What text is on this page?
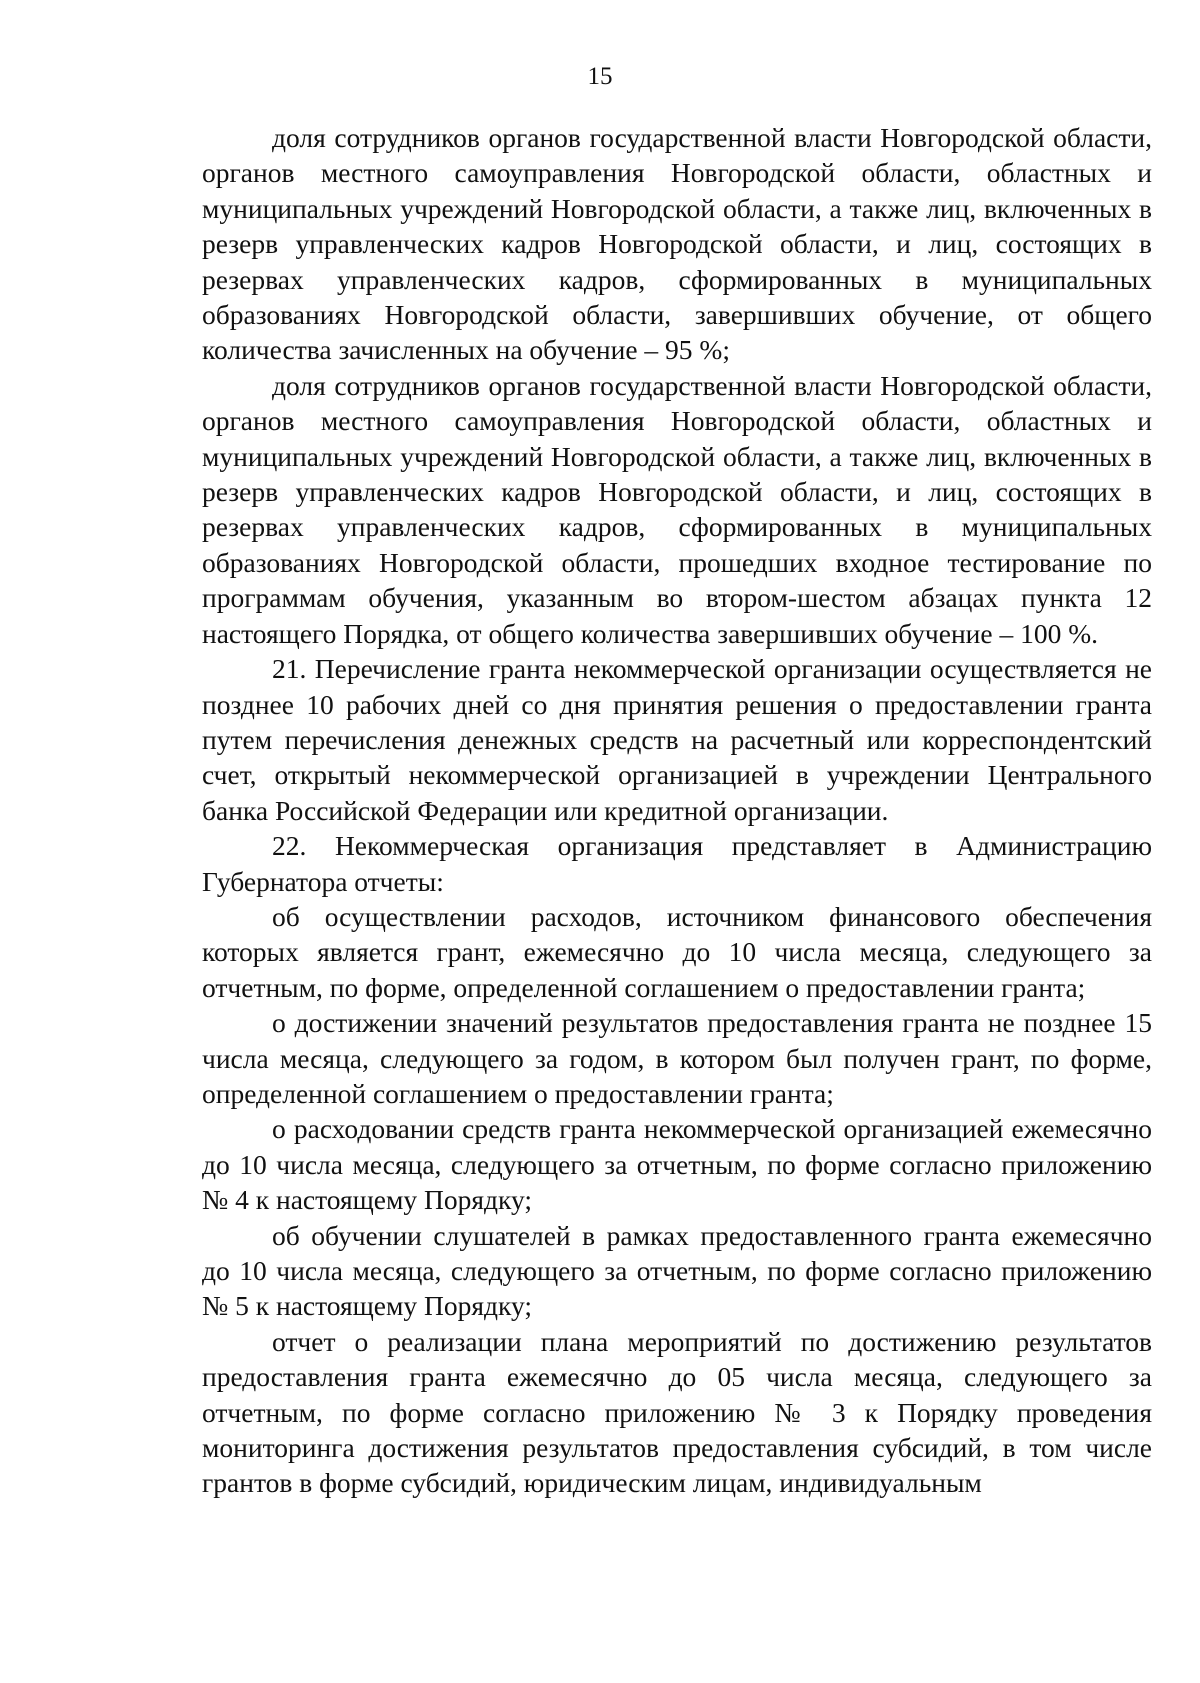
15

доля сотрудников органов государственной власти Новгородской области, органов местного самоуправления Новгородской области, областных и муниципальных учреждений Новгородской области, а также лиц, включенных в резерв управленческих кадров Новгородской области, и лиц, состоящих в резервах управленческих кадров, сформированных в муниципальных образованиях Новгородской области, завершивших обучение, от общего количества зачисленных на обучение – 95 %;

доля сотрудников органов государственной власти Новгородской области, органов местного самоуправления Новгородской области, областных и муниципальных учреждений Новгородской области, а также лиц, включенных в резерв управленческих кадров Новгородской области, и лиц, состоящих в резервах управленческих кадров, сформированных в муниципальных образованиях Новгородской области, прошедших входное тестирование по программам обучения, указанным во втором-шестом абзацах пункта 12 настоящего Порядка, от общего количества завершивших обучение – 100 %.

21. Перечисление гранта некоммерческой организации осуществляется не позднее 10 рабочих дней со дня принятия решения о предоставлении гранта путем перечисления денежных средств на расчетный или корреспондентский счет, открытый некоммерческой организацией в учреждении Центрального банка Российской Федерации или кредитной организации.

22. Некоммерческая организация представляет в Администрацию Губернатора отчеты:

об осуществлении расходов, источником финансового обеспечения которых является грант, ежемесячно до 10 числа месяца, следующего за отчетным, по форме, определенной соглашением о предоставлении гранта;

о достижении значений результатов предоставления гранта не позднее 15 числа месяца, следующего за годом, в котором был получен грант, по форме, определенной соглашением о предоставлении гранта;

о расходовании средств гранта некоммерческой организацией ежемесячно до 10 числа месяца, следующего за отчетным, по форме согласно приложению № 4 к настоящему Порядку;

об обучении слушателей в рамках предоставленного гранта ежемесячно до 10 числа месяца, следующего за отчетным, по форме согласно приложению № 5 к настоящему Порядку;

отчет о реализации плана мероприятий по достижению результатов предоставления гранта ежемесячно до 05 числа месяца, следующего за отчетным, по форме согласно приложению № 3 к Порядку проведения мониторинга достижения результатов предоставления субсидий, в том числе грантов в форме субсидий, юридическим лицам, индивидуальным
